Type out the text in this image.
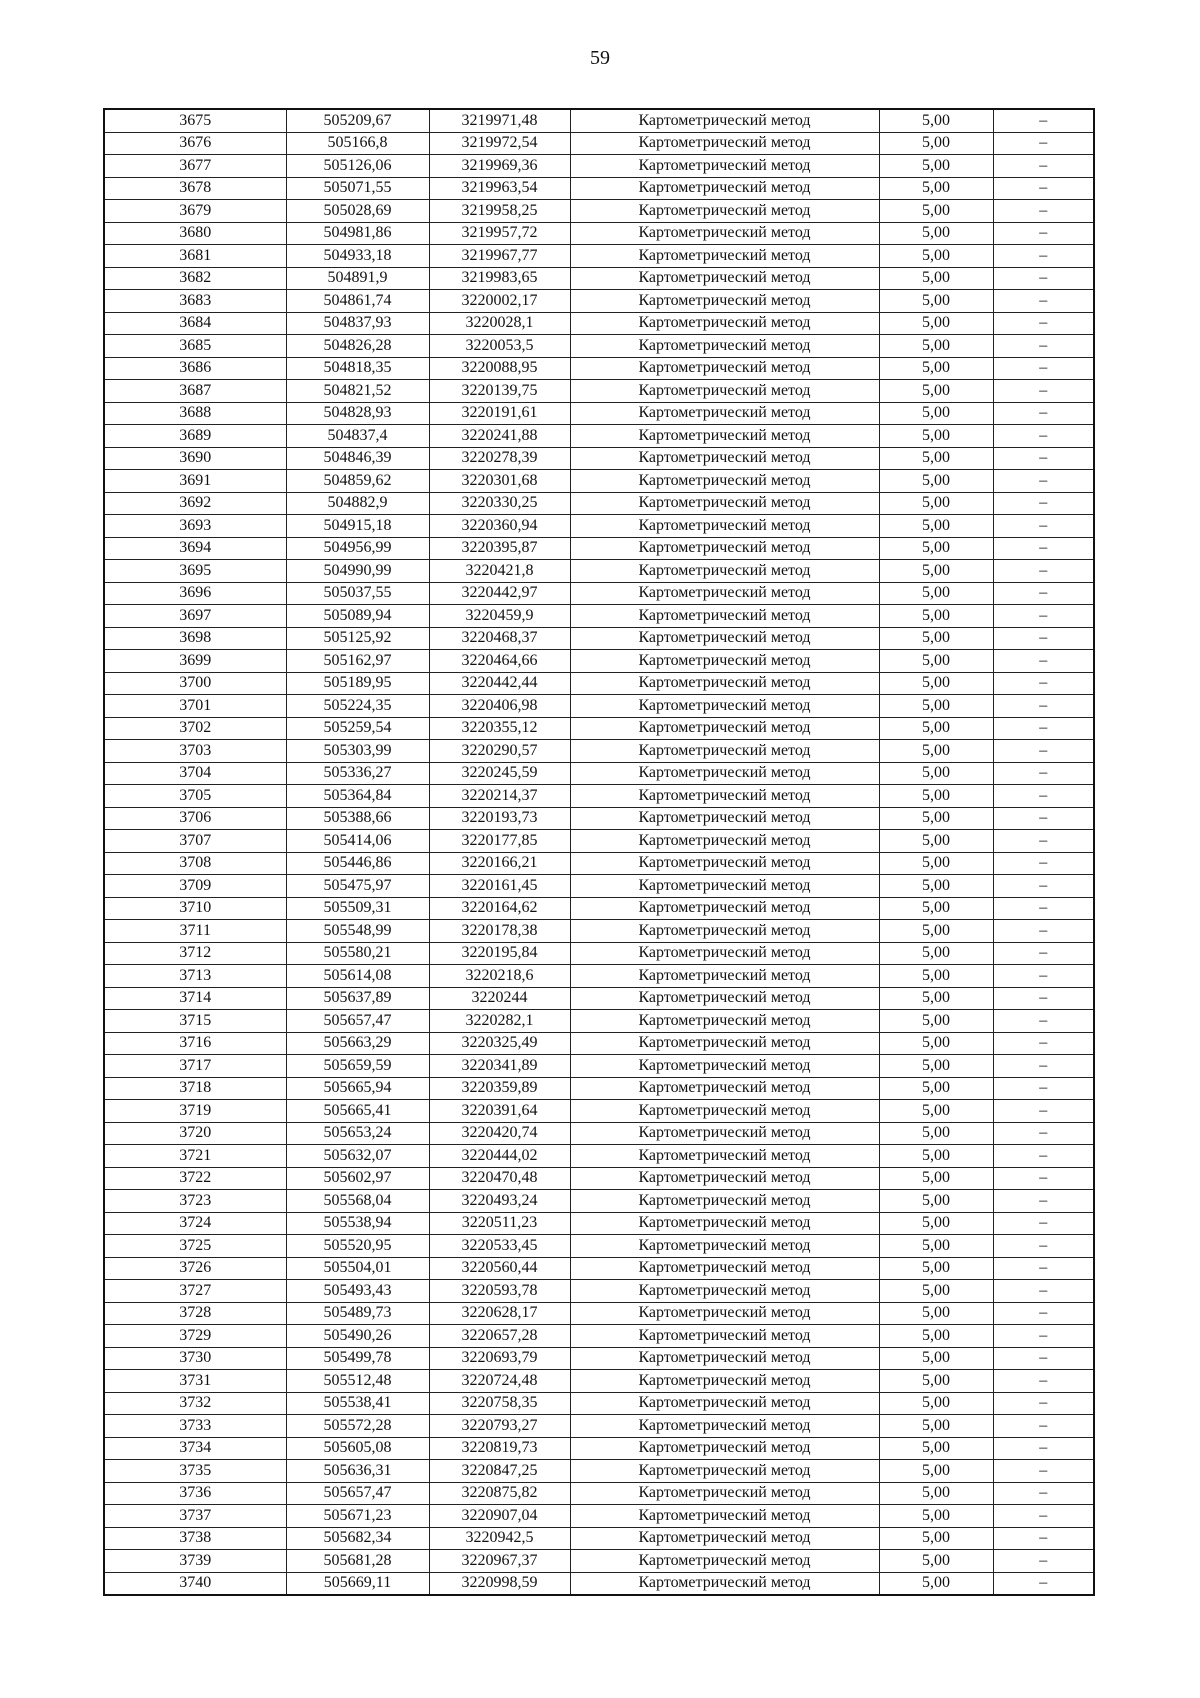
59
3675	505209,67	3219971,48	Картометрический метод	5,00	–
3676	505166,8	3219972,54	Картометрический метод	5,00	–
3677	505126,06	3219969,36	Картометрический метод	5,00	–
3678	505071,55	3219963,54	Картометрический метод	5,00	–
3679	505028,69	3219958,25	Картометрический метод	5,00	–
3680	504981,86	3219957,72	Картометрический метод	5,00	–
3681	504933,18	3219967,77	Картометрический метод	5,00	–
3682	504891,9	3219983,65	Картометрический метод	5,00	–
3683	504861,74	3220002,17	Картометрический метод	5,00	–
3684	504837,93	3220028,1	Картометрический метод	5,00	–
3685	504826,28	3220053,5	Картометрический метод	5,00	–
3686	504818,35	3220088,95	Картометрический метод	5,00	–
3687	504821,52	3220139,75	Картометрический метод	5,00	–
3688	504828,93	3220191,61	Картометрический метод	5,00	–
3689	504837,4	3220241,88	Картометрический метод	5,00	–
3690	504846,39	3220278,39	Картометрический метод	5,00	–
3691	504859,62	3220301,68	Картометрический метод	5,00	–
3692	504882,9	3220330,25	Картометрический метод	5,00	–
3693	504915,18	3220360,94	Картометрический метод	5,00	–
3694	504956,99	3220395,87	Картометрический метод	5,00	–
3695	504990,99	3220421,8	Картометрический метод	5,00	–
3696	505037,55	3220442,97	Картометрический метод	5,00	–
3697	505089,94	3220459,9	Картометрический метод	5,00	–
3698	505125,92	3220468,37	Картометрический метод	5,00	–
3699	505162,97	3220464,66	Картометрический метод	5,00	–
3700	505189,95	3220442,44	Картометрический метод	5,00	–
3701	505224,35	3220406,98	Картометрический метод	5,00	–
3702	505259,54	3220355,12	Картометрический метод	5,00	–
3703	505303,99	3220290,57	Картометрический метод	5,00	–
3704	505336,27	3220245,59	Картометрический метод	5,00	–
3705	505364,84	3220214,37	Картометрический метод	5,00	–
3706	505388,66	3220193,73	Картометрический метод	5,00	–
3707	505414,06	3220177,85	Картометрический метод	5,00	–
3708	505446,86	3220166,21	Картометрический метод	5,00	–
3709	505475,97	3220161,45	Картометрический метод	5,00	–
3710	505509,31	3220164,62	Картометрический метод	5,00	–
3711	505548,99	3220178,38	Картометрический метод	5,00	–
3712	505580,21	3220195,84	Картометрический метод	5,00	–
3713	505614,08	3220218,6	Картометрический метод	5,00	–
3714	505637,89	3220244	Картометрический метод	5,00	–
3715	505657,47	3220282,1	Картометрический метод	5,00	–
3716	505663,29	3220325,49	Картометрический метод	5,00	–
3717	505659,59	3220341,89	Картометрический метод	5,00	–
3718	505665,94	3220359,89	Картометрический метод	5,00	–
3719	505665,41	3220391,64	Картометрический метод	5,00	–
3720	505653,24	3220420,74	Картометрический метод	5,00	–
3721	505632,07	3220444,02	Картометрический метод	5,00	–
3722	505602,97	3220470,48	Картометрический метод	5,00	–
3723	505568,04	3220493,24	Картометрический метод	5,00	–
3724	505538,94	3220511,23	Картометрический метод	5,00	–
3725	505520,95	3220533,45	Картометрический метод	5,00	–
3726	505504,01	3220560,44	Картометрический метод	5,00	–
3727	505493,43	3220593,78	Картометрический метод	5,00	–
3728	505489,73	3220628,17	Картометрический метод	5,00	–
3729	505490,26	3220657,28	Картометрический метод	5,00	–
3730	505499,78	3220693,79	Картометрический метод	5,00	–
3731	505512,48	3220724,48	Картометрический метод	5,00	–
3732	505538,41	3220758,35	Картометрический метод	5,00	–
3733	505572,28	3220793,27	Картометрический метод	5,00	–
3734	505605,08	3220819,73	Картометрический метод	5,00	–
3735	505636,31	3220847,25	Картометрический метод	5,00	–
3736	505657,47	3220875,82	Картометрический метод	5,00	–
3737	505671,23	3220907,04	Картометрический метод	5,00	–
3738	505682,34	3220942,5	Картометрический метод	5,00	–
3739	505681,28	3220967,37	Картометрический метод	5,00	–
3740	505669,11	3220998,59	Картометрический метод	5,00	–
